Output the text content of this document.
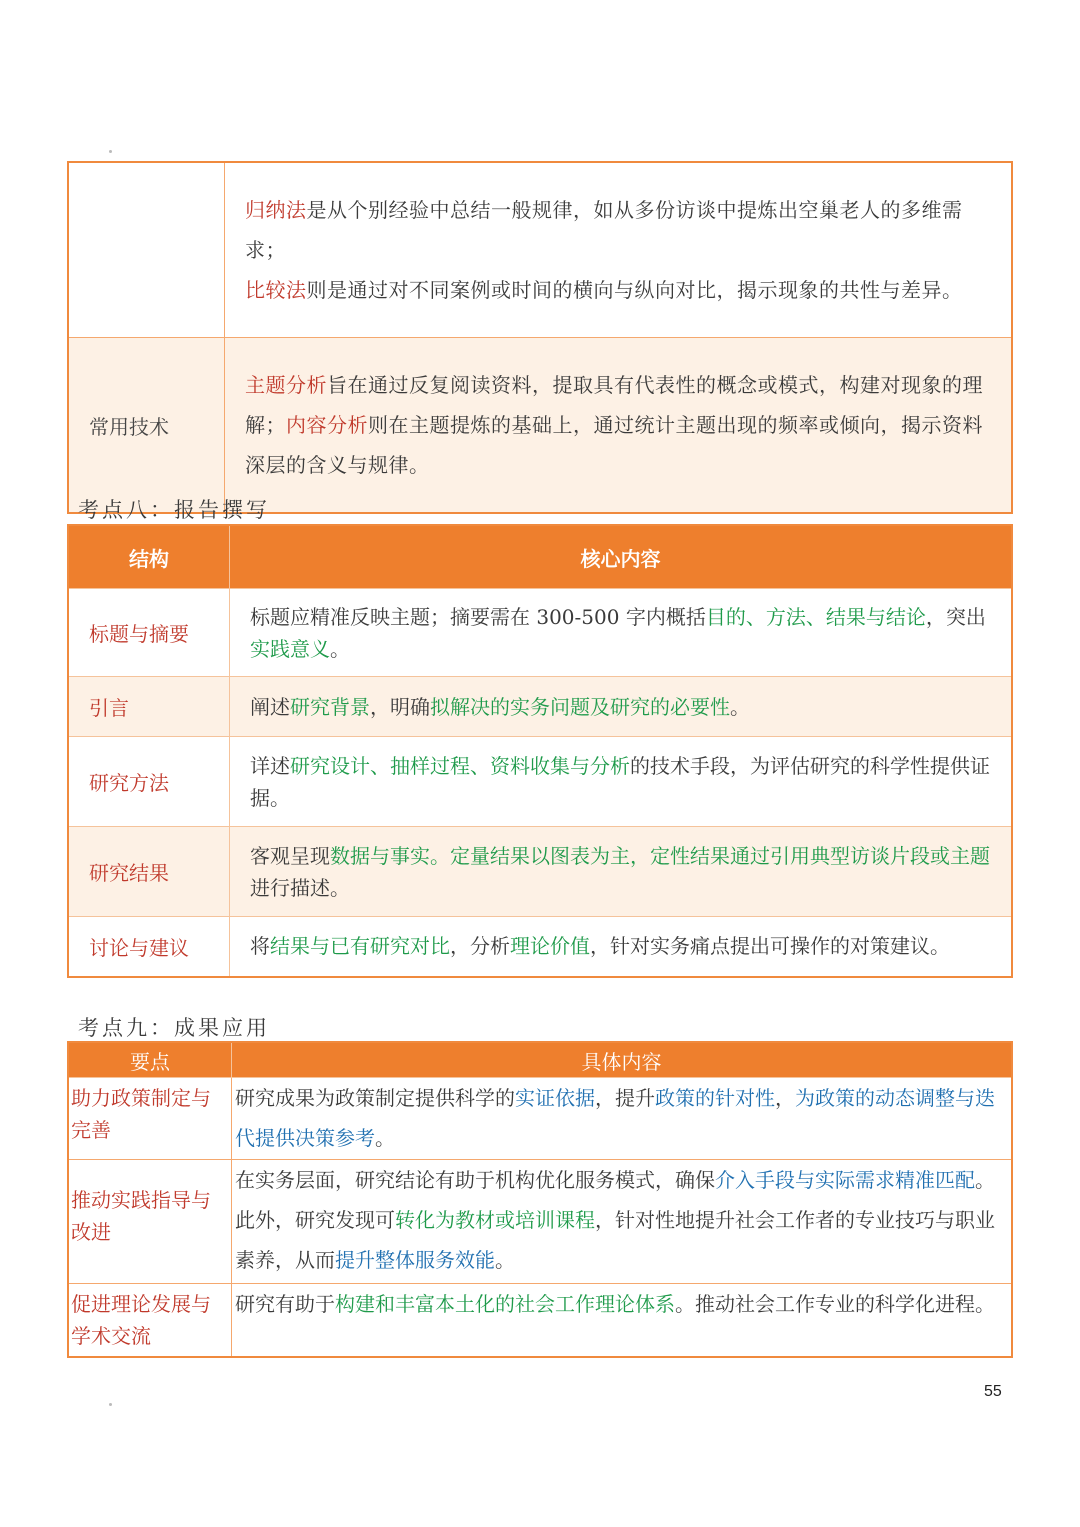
	归纳法是从个别经验中总结一般规律，如从多份访谈中提炼出空巢老人的多维需求；
比较法则是通过对不同案例或时间的横向与纵向对比，揭示现象的共性与差异。

常用技术	主题分析旨在通过反复阅读资料，提取具有代表性的概念或模式，构建对现象的理解；内容分析则在主题提炼的基础上，通过统计主题出现的频率或倾向，揭示资料深层的含义与规律。
考点八：报告撰写
结构	核心内容
标题与摘要	标题应精准反映主题；摘要需在 300-500 字内概括目的、方法、结果与结论，突出实践意义。
引言	阐述研究背景，明确拟解决的实务问题及研究的必要性。
研究方法	详述研究设计、抽样过程、资料收集与分析的技术手段，为评估研究的科学性提供证据。
研究结果	客观呈现数据与事实。定量结果以图表为主，定性结果通过引用典型访谈片段或主题进行描述。
讨论与建议	将结果与已有研究对比，分析理论价值，针对实务痛点提出可操作的对策建议。
考点九：成果应用
要点	具体内容
助力政策制定与完善	研究成果为政策制定提供科学的实证依据，提升政策的针对性，为政策的动态调整与迭代提供决策参考。
推动实践指导与改进	在实务层面，研究结论有助于机构优化服务模式，确保介入手段与实际需求精准匹配。此外，研究发现可转化为教材或培训课程，针对性地提升社会工作者的专业技巧与职业素养，从而提升整体服务效能。
促进理论发展与学术交流	研究有助于构建和丰富本土化的社会工作理论体系。推动社会工作专业的科学化进程。
55
